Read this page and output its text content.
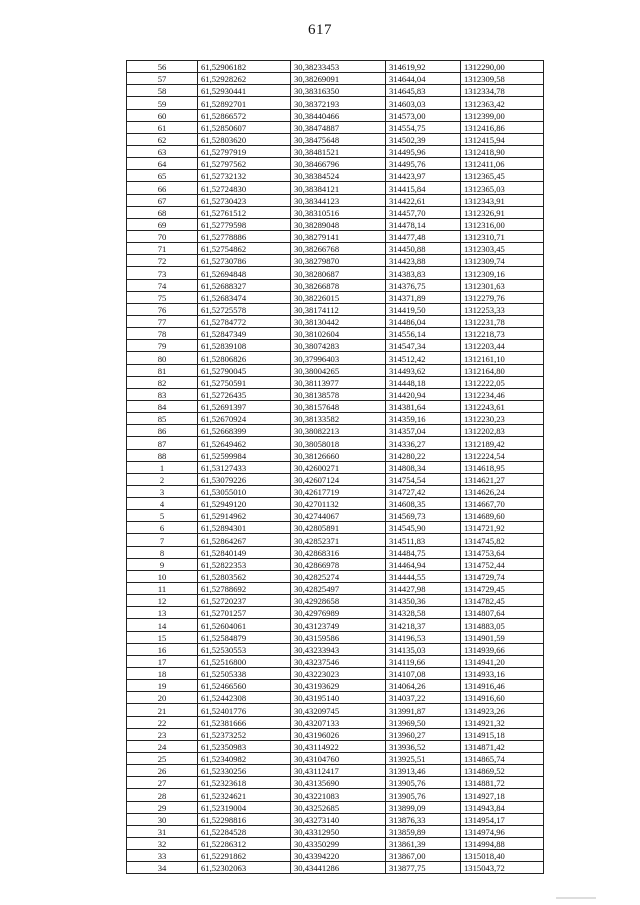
617
56	61,52906182	30,38233453	314619,92	1312290,00
57	61,52928262	30,38269091	314644,04	1312309,58
58	61,52930441	30,38316350	314645,83	1312334,78
59	61,52892701	30,38372193	314603,03	1312363,42
60	61,52866572	30,38440466	314573,00	1312399,00
61	61,52850607	30,38474887	314554,75	1312416,86
62	61,52803620	30,38475648	314502,39	1312415,94
63	61,52797919	30,38481521	314495,96	1312418,90
64	61,52797562	30,38466796	314495,76	1312411,06
65	61,52732132	30,38384524	314423,97	1312365,45
66	61,52724830	30,38384121	314415,84	1312365,03
67	61,52730423	30,38344123	314422,61	1312343,91
68	61,52761512	30,38310516	314457,70	1312326,91
69	61,52779598	30,38289048	314478,14	1312316,00
70	61,52778886	30,38279141	314477,48	1312310,71
71	61,52754862	30,38266768	314450,88	1312303,45
72	61,52730786	30,38279870	314423,88	1312309,74
73	61,52694848	30,38280687	314383,83	1312309,16
74	61,52688327	30,38266878	314376,75	1312301,63
75	61,52683474	30,38226015	314371,89	1312279,76
76	61,52725578	30,38174112	314419,50	1312253,33
77	61,52784772	30,38130442	314486,04	1312231,78
78	61,52847349	30,38102604	314556,14	1312218,73
79	61,52839108	30,38074283	314547,34	1312203,44
80	61,52806826	30,37996403	314512,42	1312161,10
81	61,52790045	30,38004265	314493,62	1312164,80
82	61,52750591	30,38113977	314448,18	1312222,05
83	61,52726435	30,38138578	314420,94	1312234,46
84	61,52691397	30,38157648	314381,64	1312243,61
85	61,52670924	30,38133582	314359,16	1312230,23
86	61,52668399	30,38082213	314357,04	1312202,83
87	61,52649462	30,38058018	314336,27	1312189,42
88	61,52599984	30,38126660	314280,22	1312224,54
1	61,53127433	30,42600271	314808,34	1314618,95
2	61,53079226	30,42607124	314754,54	1314621,27
3	61,53055010	30,42617719	314727,42	1314626,24
4	61,52949120	30,42701132	314608,35	1314667,70
5	61,52914962	30,42744067	314569,73	1314689,60
6	61,52894301	30,42805891	314545,90	1314721,92
7	61,52864267	30,42852371	314511,83	1314745,82
8	61,52840149	30,42868316	314484,75	1314753,64
9	61,52822353	30,42866978	314464,94	1314752,44
10	61,52803562	30,42825274	314444,55	1314729,74
11	61,52788692	30,42825497	314427,98	1314729,45
12	61,52720237	30,42928658	314350,36	1314782,45
13	61,52701257	30,42976989	314328,58	1314807,64
14	61,52604061	30,43123749	314218,37	1314883,05
15	61,52584879	30,43159586	314196,53	1314901,59
16	61,52530553	30,43233943	314135,03	1314939,66
17	61,52516800	30,43237546	314119,66	1314941,20
18	61,52505338	30,43223023	314107,08	1314933,16
19	61,52466560	30,43193629	314064,26	1314916,46
20	61,52442308	30,43195140	314037,22	1314916,60
21	61,52401776	30,43209745	313991,87	1314923,26
22	61,52381666	30,43207133	313969,50	1314921,32
23	61,52373252	30,43196026	313960,27	1314915,18
24	61,52350983	30,43114922	313936,52	1314871,42
25	61,52340982	30,43104760	313925,51	1314865,74
26	61,52330256	30,43112417	313913,46	1314869,52
27	61,52323618	30,43135690	313905,76	1314881,72
28	61,52324621	30,43221083	313905,76	1314927,18
29	61,52319004	30,43252685	313899,09	1314943,84
30	61,52298816	30,43273140	313876,33	1314954,17
31	61,52284528	30,43312950	313859,89	1314974,96
32	61,52286312	30,43350299	313861,39	1314994,88
33	61,52291862	30,43394220	313867,00	1315018,40
34	61,52302063	30,43441286	313877,75	1315043,72
